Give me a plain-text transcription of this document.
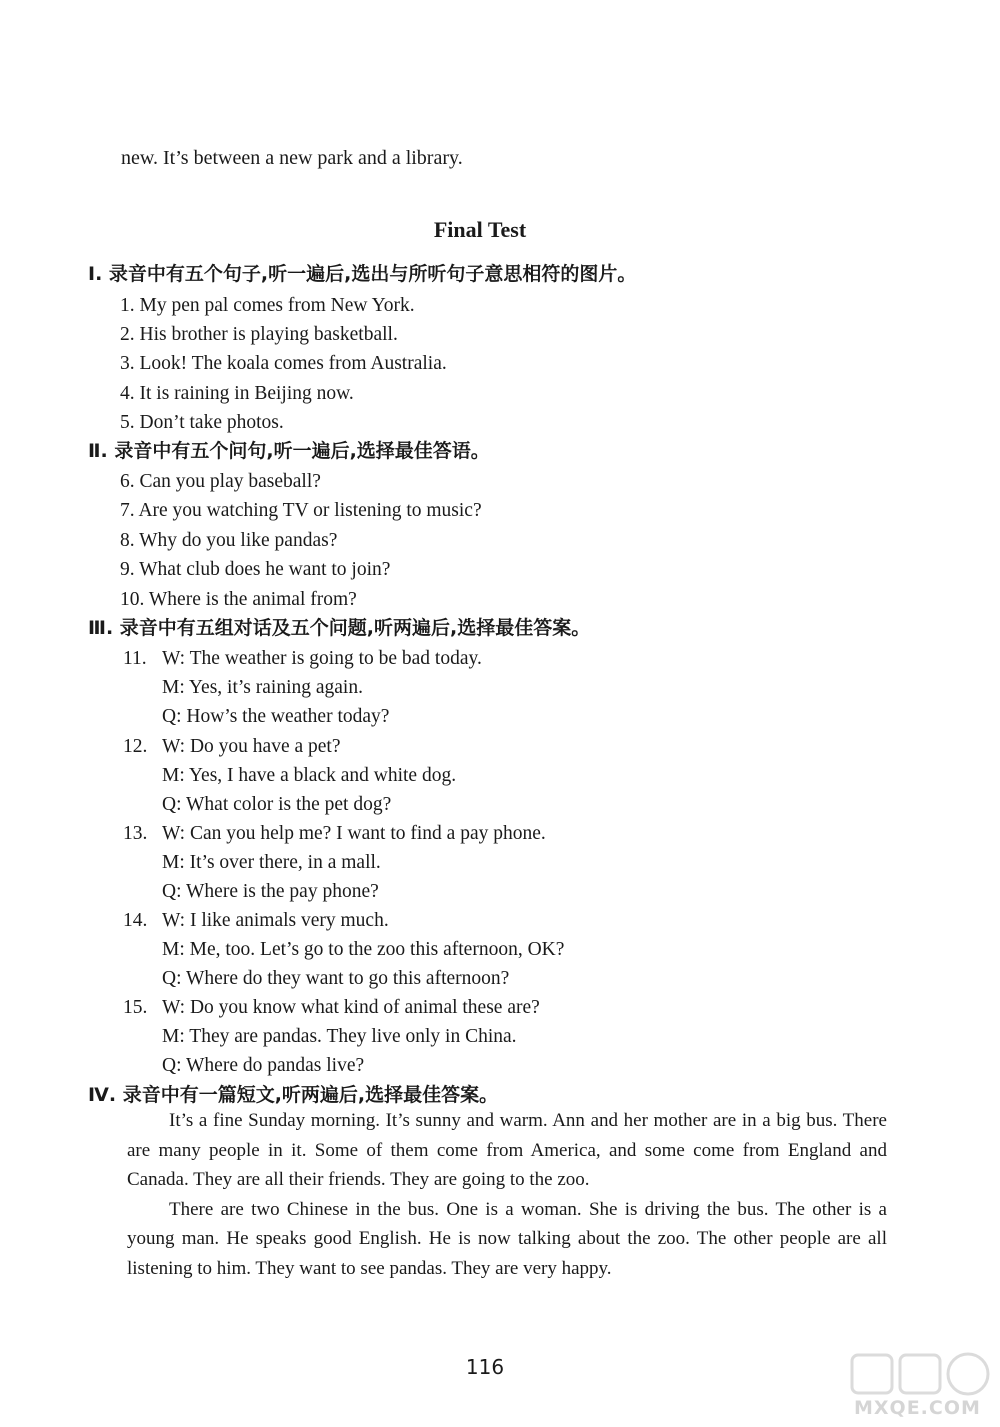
new. It’s between a new park and a library.
Final Test
Ⅰ. 录音中有五个句子,听一遍后,选出与所听句子意思相符的图片。
1. My pen pal comes from New York.
2. His brother is playing basketball.
3. Look! The koala comes from Australia.
4. It is raining in Beijing now.
5. Don’t take photos.
Ⅱ. 录音中有五个问句,听一遍后,选择最佳答语。
6. Can you play baseball?
7. Are you watching TV or listening to music?
8. Why do you like pandas?
9. What club does he want to join?
10. Where is the animal from?
Ⅲ. 录音中有五组对话及五个问题,听两遍后,选择最佳答案。
11. W: The weather is going to be bad today.
M: Yes, it’s raining again.
Q: How’s the weather today?
12. W: Do you have a pet?
M: Yes, I have a black and white dog.
Q: What color is the pet dog?
13. W: Can you help me? I want to find a pay phone.
M: It’s over there, in a mall.
Q: Where is the pay phone?
14. W: I like animals very much.
M: Me, too. Let’s go to the zoo this afternoon, OK?
Q: Where do they want to go this afternoon?
15. W: Do you know what kind of animal these are?
M: They are pandas. They live only in China.
Q: Where do pandas live?
Ⅳ. 录音中有一篇短文,听两遍后,选择最佳答案。

It’s a fine Sunday morning. It’s sunny and warm. Ann and her mother are in a big bus. There are many people in it. Some of them come from America, and some come from England and Canada. They are all their friends. They are going to the zoo.

There are two Chinese in the bus. One is a woman. She is driving the bus. The other is a young man. He speaks good English. He is now talking about the zoo. The other people are all listening to him. They want to see pandas. They are very happy.

116
MXQE.COM
